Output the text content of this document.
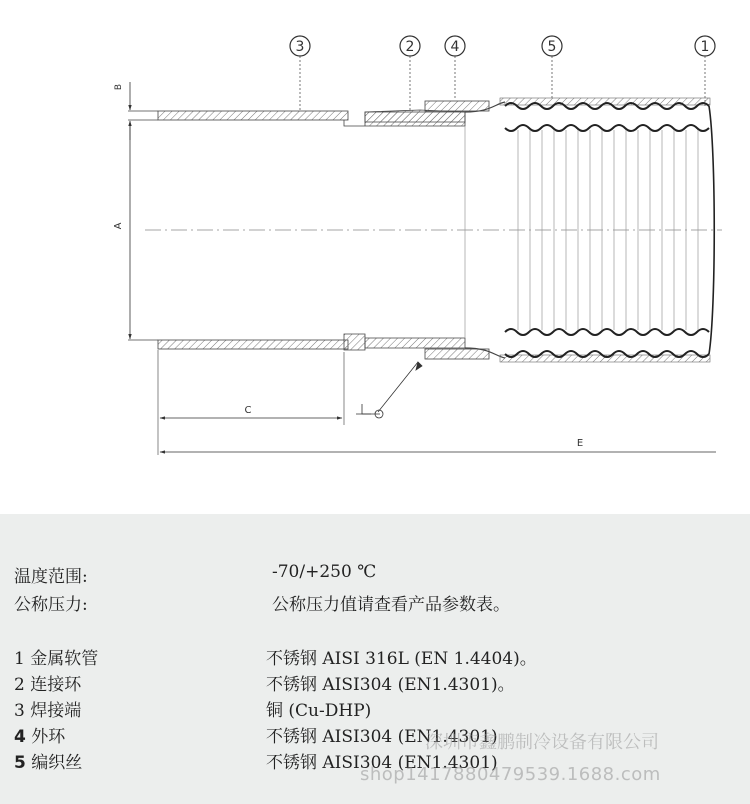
3	2	4	5	1
A
B
C
E
温度范围:	-70/+250 ℃
公称压力:	公称压力值请查看产品参数表。
1 金属软管	不锈钢 AISI 316L (EN 1.4404)。
2 连接环	不锈钢 AISI304 (EN1.4301)。
3 焊接端	铜 (Cu-DHP)
4 外环	不锈钢 AISI304 (EN1.4301)
5 编织丝	不锈钢 AISI304 (EN1.4301)
深圳市鑫鹏制冷设备有限公司
shop1417880479539.1688.com
